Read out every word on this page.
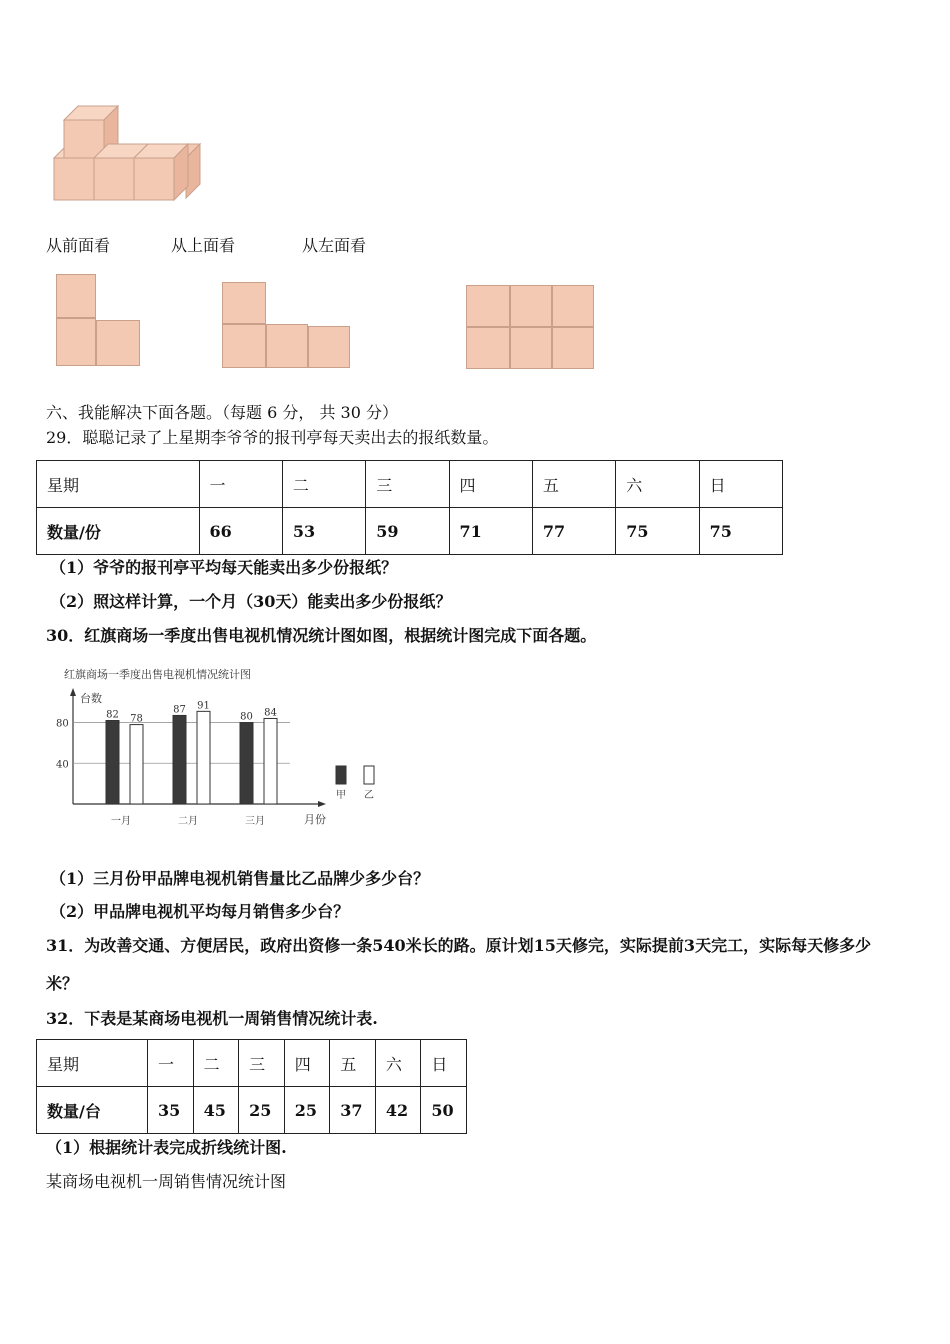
从前面看	从上面看	从左面看
六、我能解决下面各题。（每题 6 分， 共 30 分）
29．聪聪记录了上星期李爷爷的报刊亭每天卖出去的报纸数量。
星期	一	二	三	四	五	六	日
数量/份	66	53	59	71	77	75	75
（1）爷爷的报刊亭平均每天能卖出多少份报纸？
（2）照这样计算，一个月（30天）能卖出多少份报纸？
30．红旗商场一季度出售电视机情况统计图如图，根据统计图完成下面各题。
红旗商场一季度出售电视机情况统计图
台数
月份
40
80
82 78
一月
87 91
二月
80 84
三月
甲 乙
（1）三月份甲品牌电视机销售量比乙品牌少多少台？
（2）甲品牌电视机平均每月销售多少台？
31．为改善交通、方便居民，政府出资修一条540米长的路。原计划15天修完，实际提前3天完工，实际每天修多少
米？
32．下表是某商场电视机一周销售情况统计表.
星期	一	二	三	四	五	六	日
数量/台	35	45	25	25	37	42	50
（1）根据统计表完成折线统计图.
某商场电视机一周销售情况统计图
